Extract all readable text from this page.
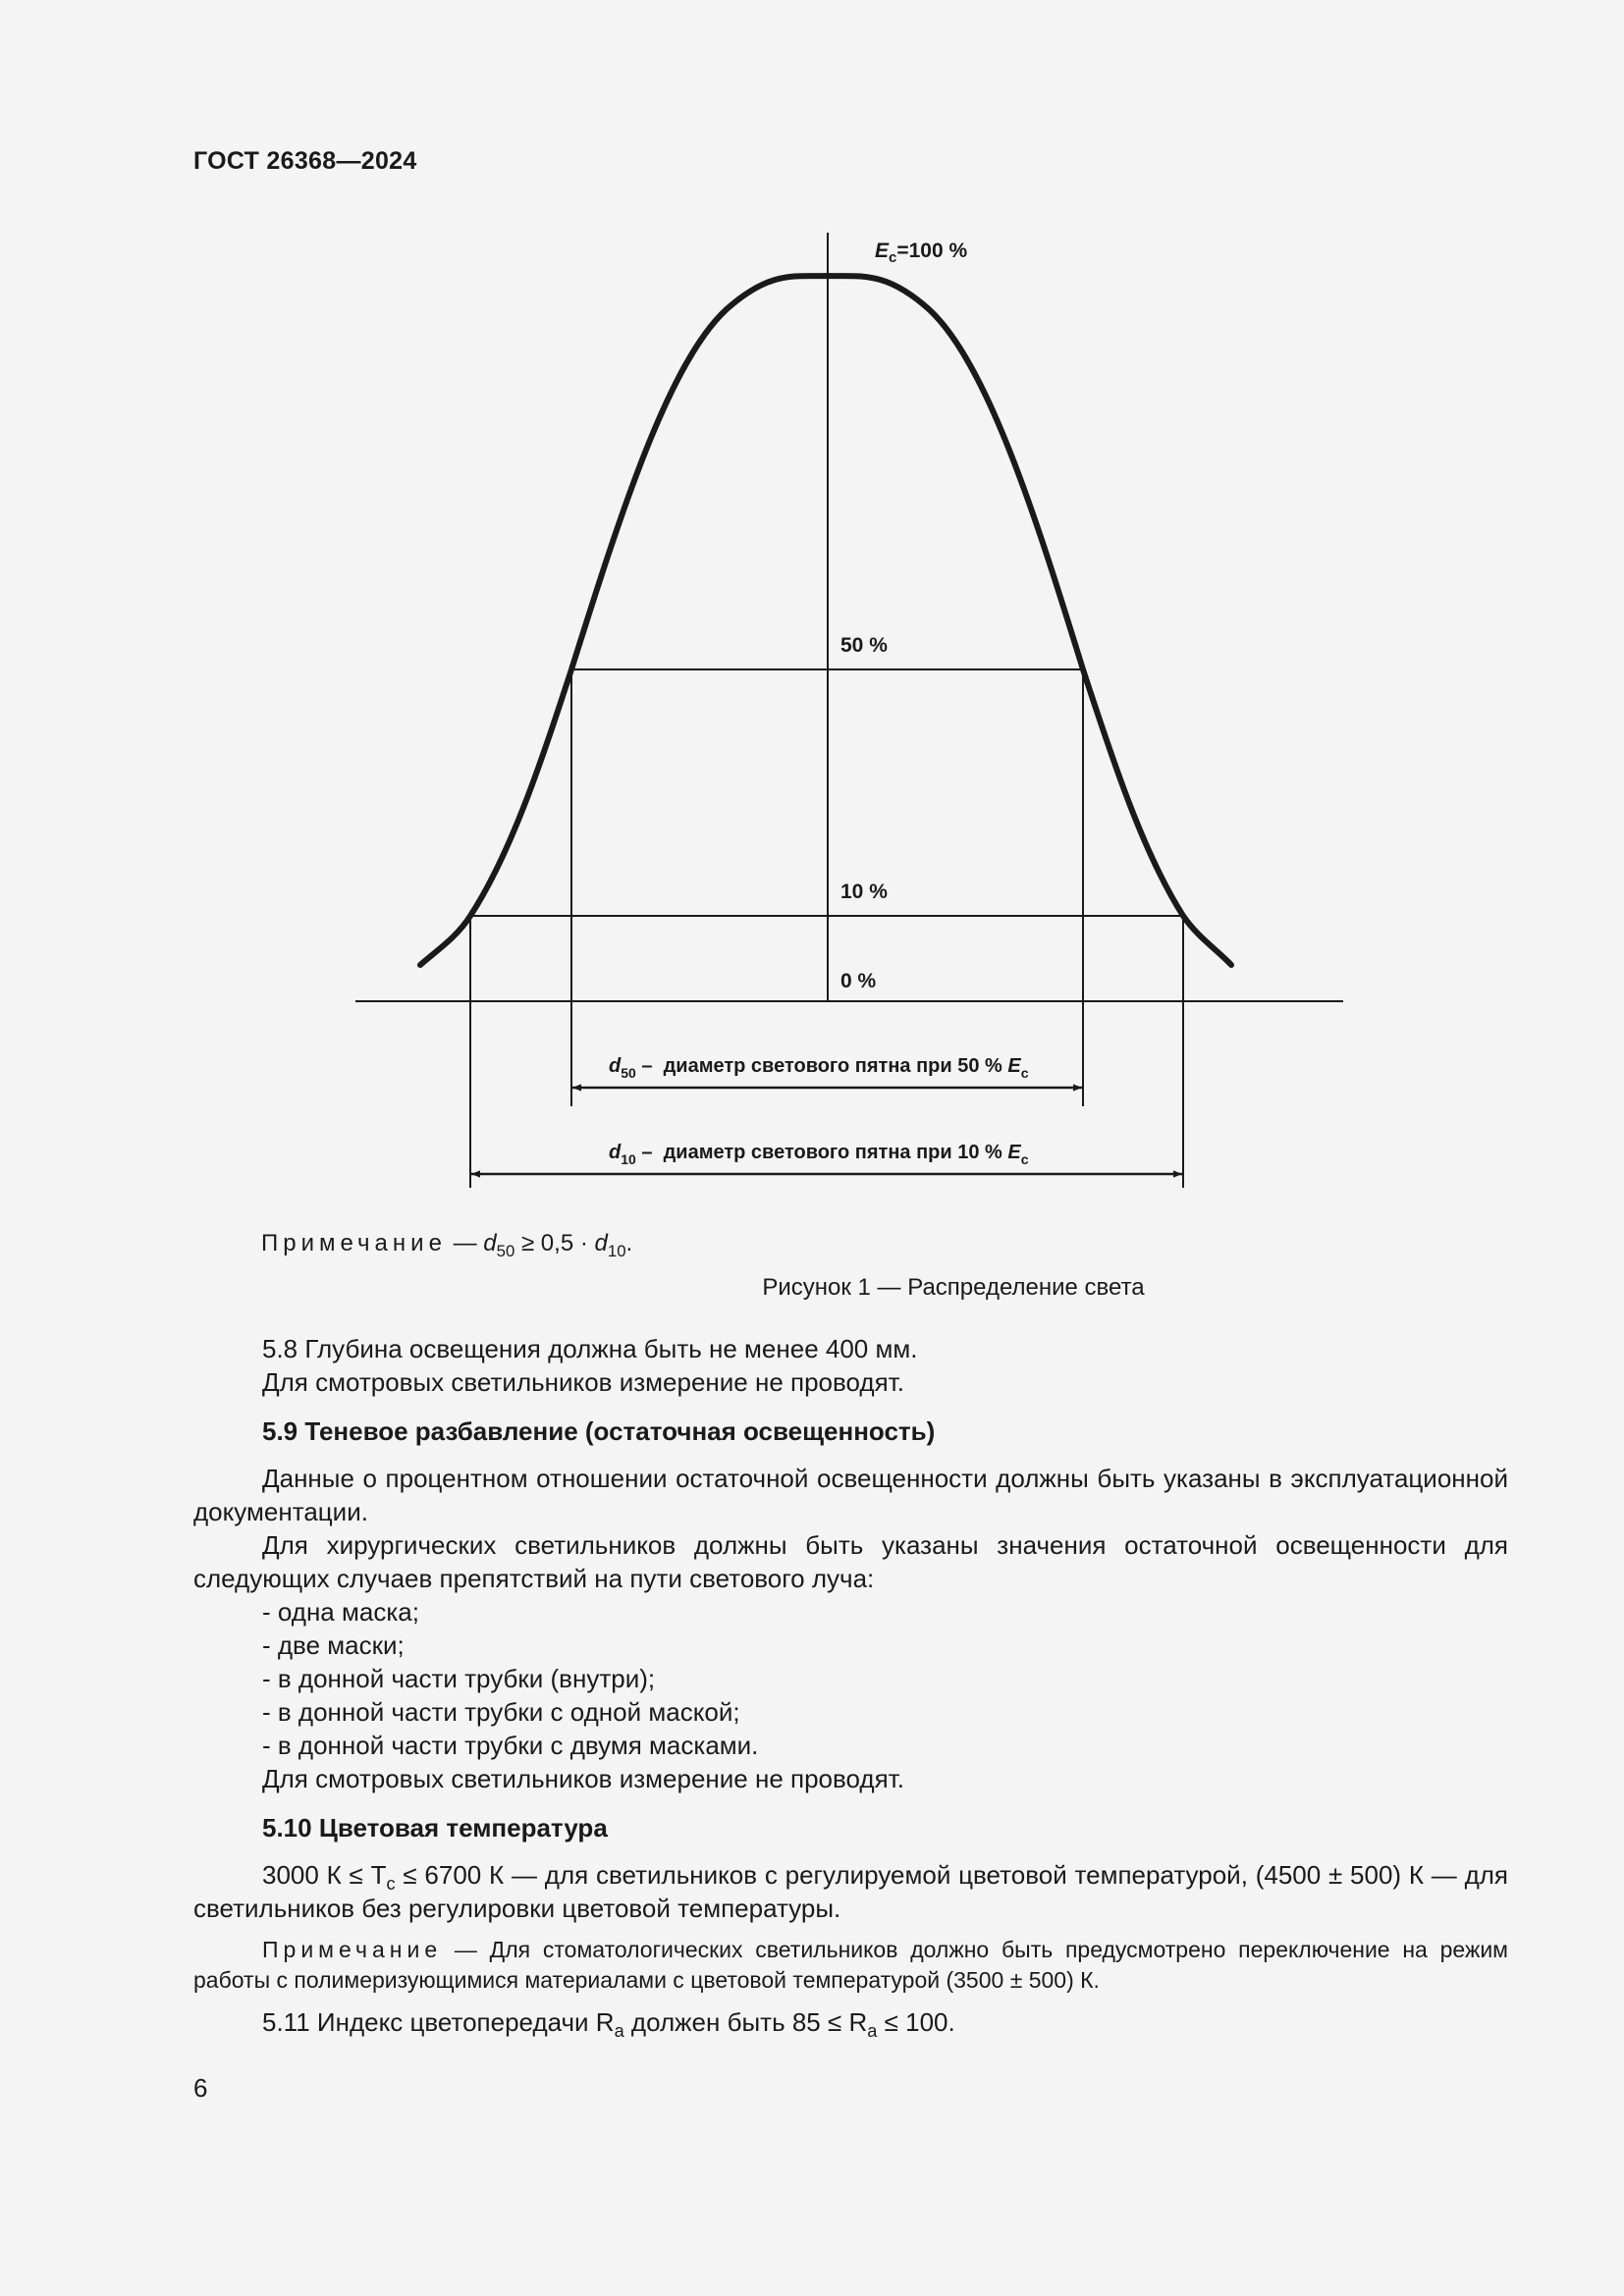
ГОСТ 26368—2024
$E_с=100$ %
50 %
10 %
0 %
$d_{50}$ –  диаметр светового пятна при 50 % $E_с$
$d_{10}$ –  диаметр светового пятна при 10 % $E_с$
Примечание — $d_{50} \ge 0,5 \cdot d_{10}$.
Рисунок 1 — Распределение света

5.8 Глубина освещения должна быть не менее 400 мм.

Для смотровых светильников измерение не проводят.

5.9 Теневое разбавление (остаточная освещенность)

Данные о процентном отношении остаточной освещенности должны быть указаны в эксплуатационной документации.

Для хирургических светильников должны быть указаны значения остаточной освещенности для следующих случаев препятствий на пути светового луча:

- одна маска;

- две маски;

- в донной части трубки (внутри);

- в донной части трубки с одной маской;

- в донной части трубки с двумя масками.

Для смотровых светильников измерение не проводят.

5.10 Цветовая температура

3000 $К \le T_с \le 6700$ К — для светильников с регулируемой цветовой температурой, (4500 ± 500) К — для светильников без регулировки цветовой температуры.

Примечание — Для стоматологических светильников должно быть предусмотрено переключение на режим работы с полимеризующимися материалами с цветовой температурой (3500 ± 500) К.

5.11 Индекс цветопередачи $R_a$ должен быть $85 \le R_a \le 100$.

6
